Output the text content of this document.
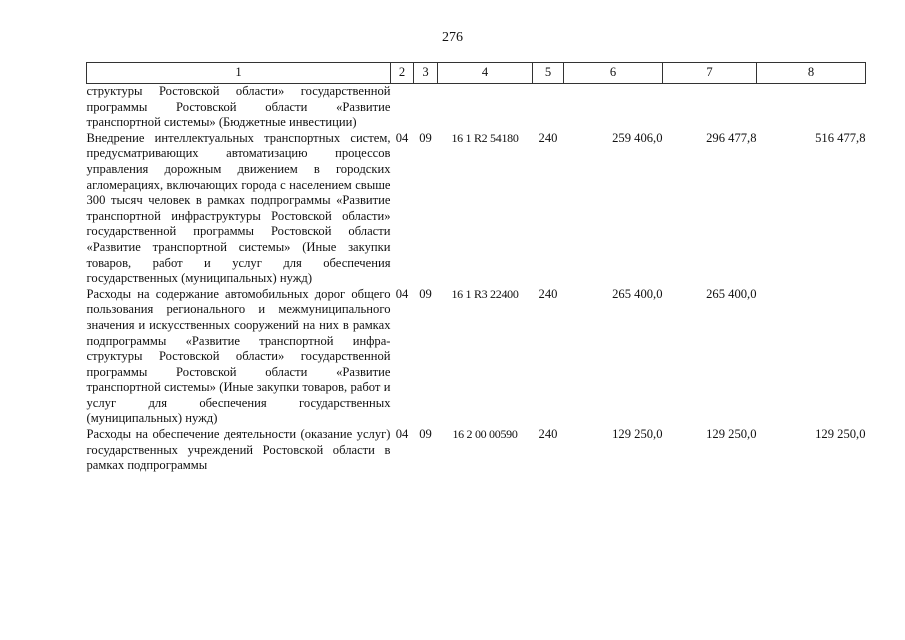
276
1	2	3	4	5	6	7	8
структуры Ростовской области» государственной программы Ростовской области «Развитие транспортной системы» (Бюджетные инвестиции)							
Внедрение интеллектуальных транспортных систем, предусматривающих автоматизацию процессов управления дорожным движением в городских агломерациях, включающих города с населением свыше 300 тысяч человек в рамках подпрограммы «Развитие транспортной инфраструктуры Ростовской области» государственной программы Ростовской области «Развитие транспортной системы» (Иные закупки товаров, работ и услуг для обеспечения государственных (муниципальных) нужд)	04	09	16 1 R2 54180	240	259 406,0	296 477,8	516 477,8
Расходы на содержание автомобильных дорог общего пользования регионального и межмуниципального значения и искусственных сооружений на них в рамках подпрограммы «Развитие транспортной инфраструктуры Ростовской области» государственной программы Ростовской области «Развитие транспортной системы» (Иные закупки товаров, работ и услуг для обеспечения государственных (муниципальных) нужд)	04	09	16 1 R3 22400	240	265 400,0	265 400,0	
Расходы на обеспечение деятельности (оказание услуг) государственных учреждений Ростовской области в рамках подпрограммы	04	09	16 2 00 00590	240	129 250,0	129 250,0	129 250,0
